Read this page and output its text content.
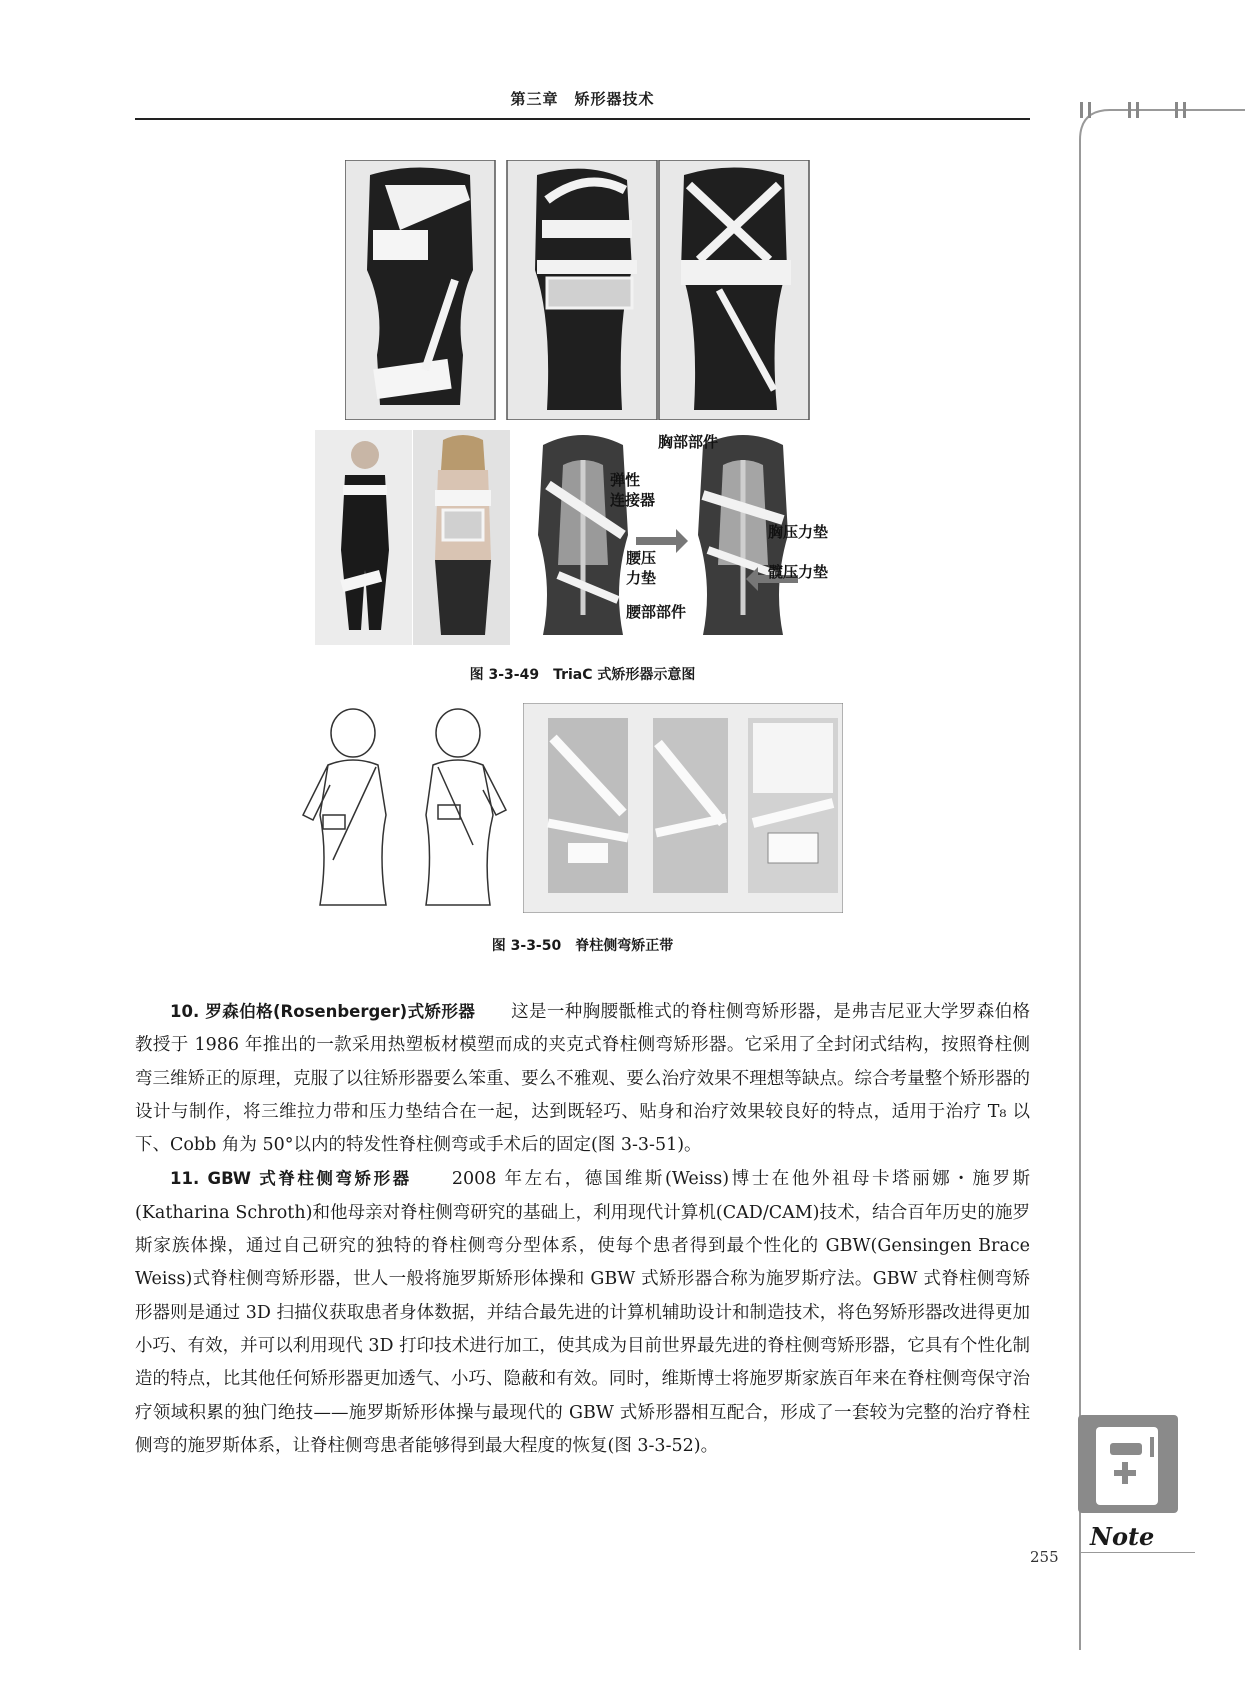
第三章　矫形器技术
胸部部件
弹性
连接器
腰压
力垫
胸压力垫
髋压力垫
腰部部件
图 3-3-49　TriaC 式矫形器示意图
图 3-3-50　脊柱侧弯矫正带

10. 罗森伯格(Rosenberger)式矫形器　　 这是一种胸腰骶椎式的脊柱侧弯矫形器，是弗吉尼亚大学罗森伯格教授于 1986 年推出的一款采用热塑板材模塑而成的夹克式脊柱侧弯矫形器。它采用了全封闭式结构，按照脊柱侧弯三维矫正的原理，克服了以往矫形器要么笨重、要么不雅观、要么治疗效果不理想等缺点。综合考量整个矫形器的设计与制作，将三维拉力带和压力垫结合在一起，达到既轻巧、贴身和治疗效果较良好的特点，适用于治疗 T₈ 以下、Cobb 角为 50°以内的特发性脊柱侧弯或手术后的固定(图 3-3-51)。

11. GBW 式脊柱侧弯矫形器　　 2008 年左右，德国维斯(Weiss)博士在他外祖母卡塔丽娜・施罗斯(Katharina Schroth)和他母亲对脊柱侧弯研究的基础上，利用现代计算机(CAD/CAM)技术，结合百年历史的施罗斯家族体操，通过自己研究的独特的脊柱侧弯分型体系，使每个患者得到最个性化的 GBW(Gensingen Brace Weiss)式脊柱侧弯矫形器，世人一般将施罗斯矫形体操和 GBW 式矫形器合称为施罗斯疗法。GBW 式脊柱侧弯矫形器则是通过 3D 扫描仪获取患者身体数据，并结合最先进的计算机辅助设计和制造技术，将色努矫形器改进得更加小巧、有效，并可以利用现代 3D 打印技术进行加工，使其成为目前世界最先进的脊柱侧弯矫形器，它具有个性化制造的特点，比其他任何矫形器更加透气、小巧、隐蔽和有效。同时，维斯博士将施罗斯家族百年来在脊柱侧弯保守治疗领域积累的独门绝技——施罗斯矫形体操与最现代的 GBW 式矫形器相互配合，形成了一套较为完整的治疗脊柱侧弯的施罗斯体系，让脊柱侧弯患者能够得到最大程度的恢复(图 3-3-52)。

Note
255
